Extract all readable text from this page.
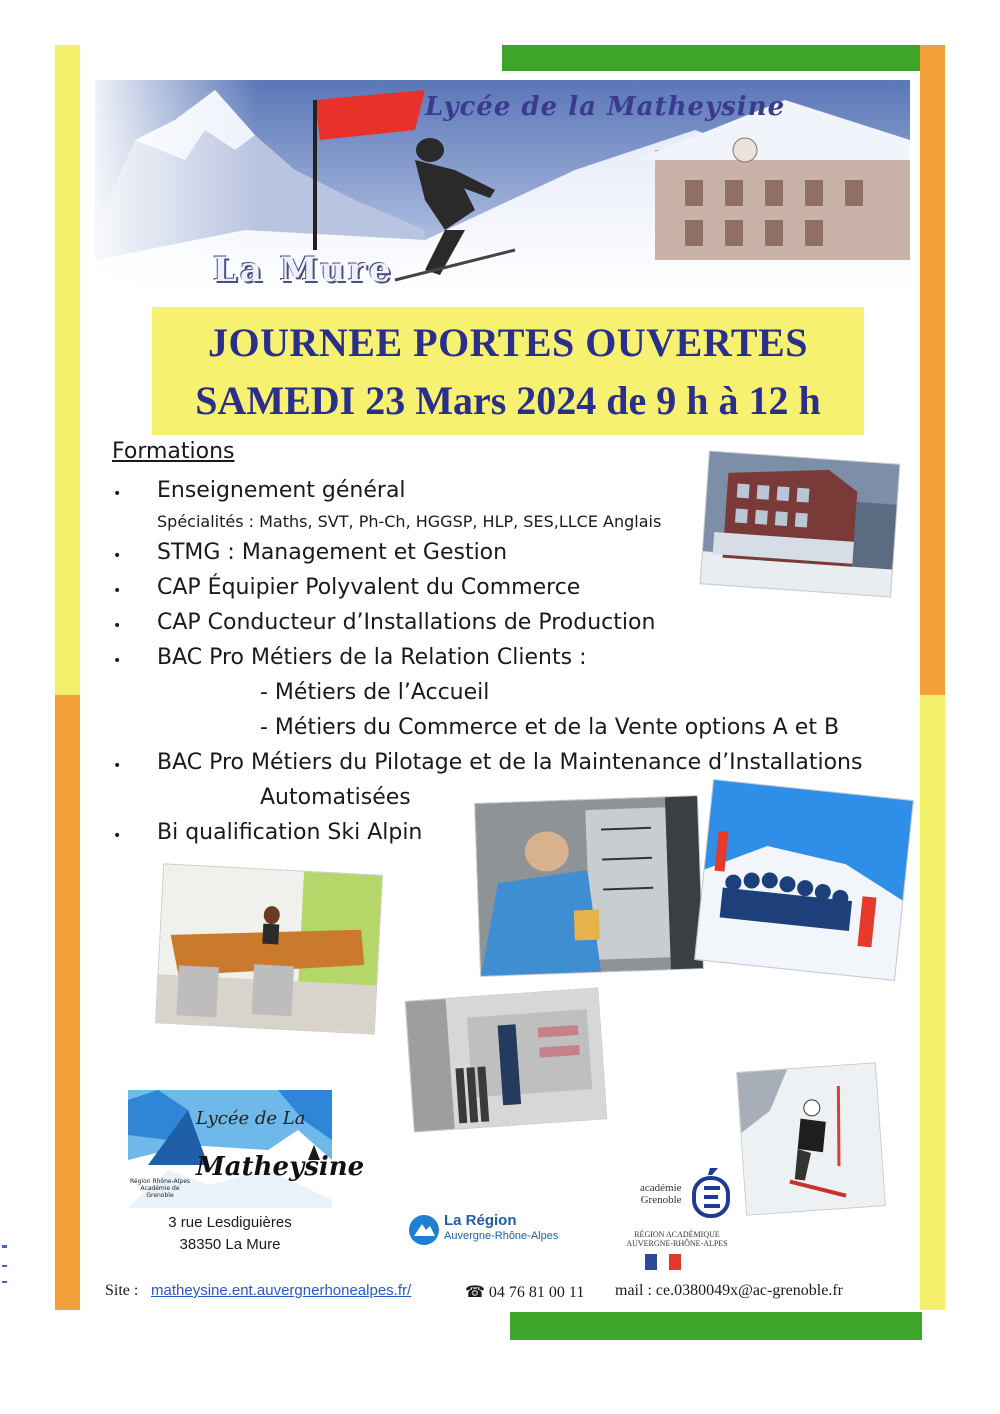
Lycée de la Matheysine
La Mure
JOURNEE PORTES OUVERTES
SAMEDI 23 Mars 2024 de 9 h à 12 h
Formations
• Enseignement général
Spécialités : Maths, SVT, Ph-Ch, HGGSP, HLP, SES,LLCE Anglais
• STMG : Management et Gestion
• CAP Équipier Polyvalent du Commerce
• CAP Conducteur d’Installations de Production
• BAC Pro Métiers de la Relation Clients :
- Métiers de l’Accueil
- Métiers du Commerce et de la Vente options A et B
• BAC Pro Métiers du Pilotage et de la Maintenance d’Installations
Automatisées
• Bi qualification Ski Alpin
Lycée de La
Matheysine
Région Rhône-Alpes Académie de Grenoble
3 rue Lesdiguières
38350 La Mure
La Région
Auvergne-Rhône-Alpes
académie
Grenoble
RÉGION ACADÉMIQUE
AUVERGNE-RHÔNE-ALPES
Site : matheysine.ent.auvergnerhonealpes.fr/	☎ 04 76 81 00 11 mail : ce.0380049x@ac-grenoble.fr
